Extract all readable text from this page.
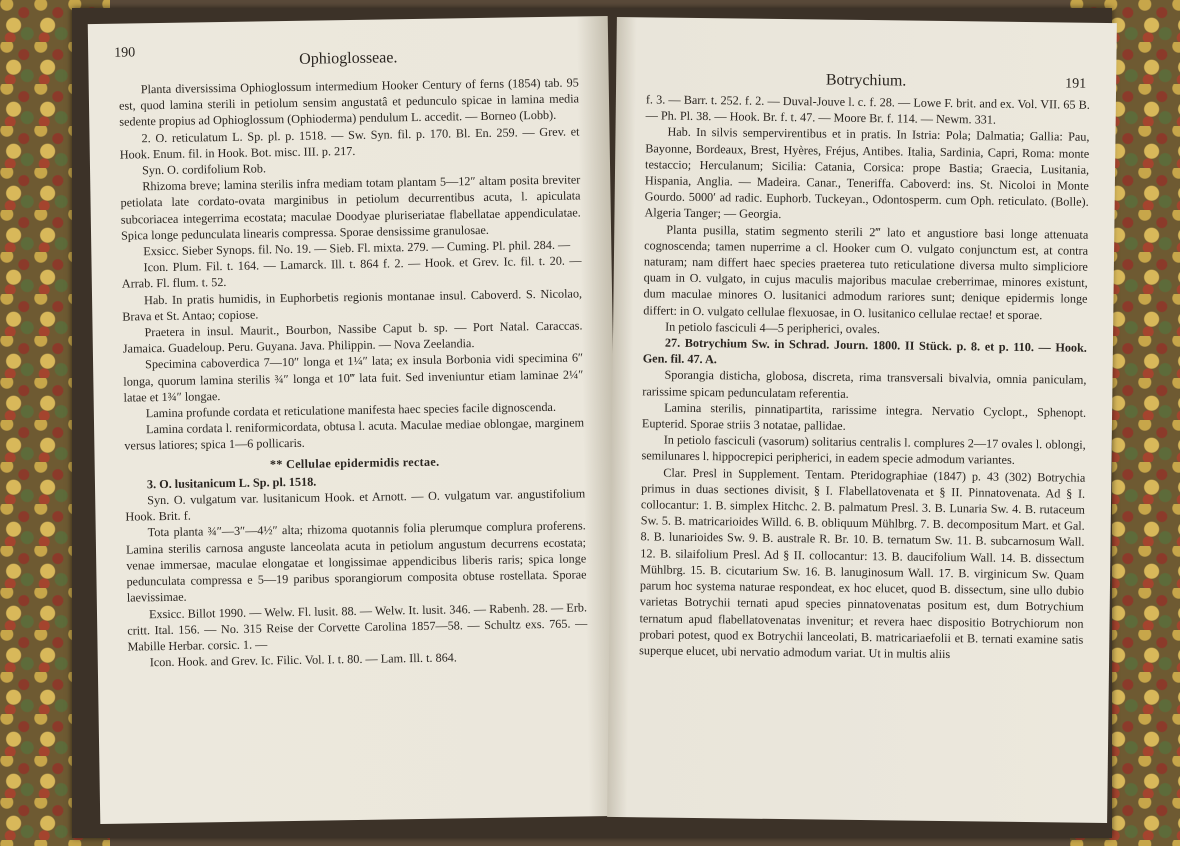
190	Ophioglosseae.

Planta diversissima Ophioglossum intermedium Hooker Century of ferns (1854) tab. 95 est, quod lamina sterili in petiolum sensim angustatâ et pedunculo spicae in lamina media sedente propius ad Ophioglossum (Ophioderma) pendulum L. accedit. — Borneo (Lobb).

2. O. reticulatum L. Sp. pl. p. 1518. — Sw. Syn. fil. p. 170. Bl. En. 259. — Grev. et Hook. Enum. fil. in Hook. Bot. misc. III. p. 217.

Syn. O. cordifolium Rob.

Rhizoma breve; lamina sterilis infra mediam totam plantam 5—12″ altam posita breviter petiolata late cordato-ovata marginibus in petiolum decurrentibus acuta, l. apiculata subcoriacea integerrima ecostata; maculae Doodyae pluriseriatae flabellatae appendiculatae. Spica longe pedunculata linearis compressa. Sporae densissime granulosae.

Exsicc. Sieber Synops. fil. No. 19. — Sieb. Fl. mixta. 279. — Cuming. Pl. phil. 284. —

Icon. Plum. Fil. t. 164. — Lamarck. Ill. t. 864 f. 2. — Hook. et Grev. Ic. fil. t. 20. — Arrab. Fl. flum. t. 52.

Hab. In pratis humidis, in Euphorbetis regionis montanae insul. Caboverd. S. Nicolao, Brava et St. Antao; copiose.

Praetera in insul. Maurit., Bourbon, Nassibe Caput b. sp. — Port Natal. Caraccas. Jamaica. Guadeloup. Peru. Guyana. Java. Philippin. — Nova Zeelandia.

Specimina caboverdica 7—10″ longa et 1¼″ lata; ex insula Borbonia vidi specimina 6″ longa, quorum lamina sterilis ¾″ longa et 10‴ lata fuit. Sed inveniuntur etiam laminae 2¼″ latae et 1¾″ longae.

Lamina profunde cordata et reticulatione manifesta haec species facile dignoscenda.

Lamina cordata l. reniformicordata, obtusa l. acuta. Maculae mediae oblongae, marginem versus latiores; spica 1—6 pollicaris.

** Cellulae epidermidis rectae.

3. O. lusitanicum L. Sp. pl. 1518.

Syn. O. vulgatum var. lusitanicum Hook. et Arnott. — O. vulgatum var. angustifolium Hook. Brit. f.

Tota planta ¾″—3″—4½″ alta; rhizoma quotannis folia plerumque complura proferens. Lamina sterilis carnosa anguste lanceolata acuta in petiolum angustum decurrens ecostata; venae immersae, maculae elongatae et longissimae appendicibus liberis raris; spica longe pedunculata compressa e 5—19 paribus sporangiorum composita obtuse rostellata. Sporae laevissimae.

Exsicc. Billot 1990. — Welw. Fl. lusit. 88. — Welw. It. lusit. 346. — Rabenh. 28. — Erb. critt. Ital. 156. — No. 315 Reise der Corvette Carolina 1857—58. — Schultz exs. 765. — Mabille Herbar. corsic. 1. —

Icon. Hook. and Grev. Ic. Filic. Vol. I. t. 80. — Lam. Ill. t. 864.

Botrychium.	191

f. 3. — Barr. t. 252. f. 2. — Duval-Jouve l. c. f. 28. — Lowe F. brit. and ex. Vol. VII. 65 B. — Ph. Pl. 38. — Hook. Br. f. t. 47. — Moore Br. f. 114. — Newm. 331.

Hab. In silvis sempervirentibus et in pratis. In Istria: Pola; Dalmatia; Gallia: Pau, Bayonne, Bordeaux, Brest, Hyères, Fréjus, Antibes. Italia, Sardinia, Capri, Roma: monte testaccio; Herculanum; Sicilia: Catania, Corsica: prope Bastia; Graecia, Lusitania, Hispania, Anglia. — Madeira. Canar., Teneriffa. Caboverd: ins. St. Nicoloi in Monte Gourdo. 5000′ ad radic. Euphorb. Tuckeyan., Odontosperm. cum Oph. reticulato. (Bolle). Algeria Tanger; — Georgia.

Planta pusilla, statim segmento sterili 2‴ lato et angustiore basi longe attenuata cognoscenda; tamen nuperrime a cl. Hooker cum O. vulgato conjunctum est, at contra naturam; nam differt haec species praeterea tuto reticulatione diversa multo simpliciore quam in O. vulgato, in cujus maculis majoribus maculae creberrimae, minores existunt, dum maculae minores O. lusitanici admodum rariores sunt; denique epidermis longe differt: in O. vulgato cellulae flexuosae, in O. lusitanico cellulae rectae! et sporae.

In petiolo fasciculi 4—5 peripherici, ovales.

27. Botrychium Sw. in Schrad. Journ. 1800. II Stück. p. 8. et p. 110. — Hook. Gen. fil. 47. A.

Sporangia disticha, globosa, discreta, rima transversali bivalvia, omnia paniculam, rarissime spicam pedunculatam referentia.

Lamina sterilis, pinnatipartita, rarissime integra. Nervatio Cyclopt., Sphenopt. Eupterid. Sporae striis 3 notatae, pallidae.

In petiolo fasciculi (vasorum) solitarius centralis l. complures 2—17 ovales l. oblongi, semilunares l. hippocrepici peripherici, in eadem specie admodum variantes.

Clar. Presl in Supplement. Tentam. Pteridographiae (1847) p. 43 (302) Botrychia primus in duas sectiones divisit, § I. Flabellatovenata et § II. Pinnatovenata. Ad § I. collocantur: 1. B. simplex Hitchc. 2. B. palmatum Presl. 3. B. Lunaria Sw. 4. B. rutaceum Sw. 5. B. matricarioides Willd. 6. B. obliquum Mühlbrg. 7. B. decompositum Mart. et Gal. 8. B. lunarioides Sw. 9. B. australe R. Br. 10. B. ternatum Sw. 11. B. subcarnosum Wall. 12. B. silaifolium Presl. Ad § II. collocantur: 13. B. daucifolium Wall. 14. B. dissectum Mühlbrg. 15. B. cicutarium Sw. 16. B. lanuginosum Wall. 17. B. virginicum Sw. Quam parum hoc systema naturae respondeat, ex hoc elucet, quod B. dissectum, sine ullo dubio varietas Botrychii ternati apud species pinnatovenatas positum est, dum Botrychium ternatum apud flabellatovenatas invenitur; et revera haec dispositio Botrychiorum non probari potest, quod ex Botrychii lanceolati, B. matricariaefolii et B. ternati examine satis superque elucet, ubi nervatio admodum variat. Ut in multis aliis
